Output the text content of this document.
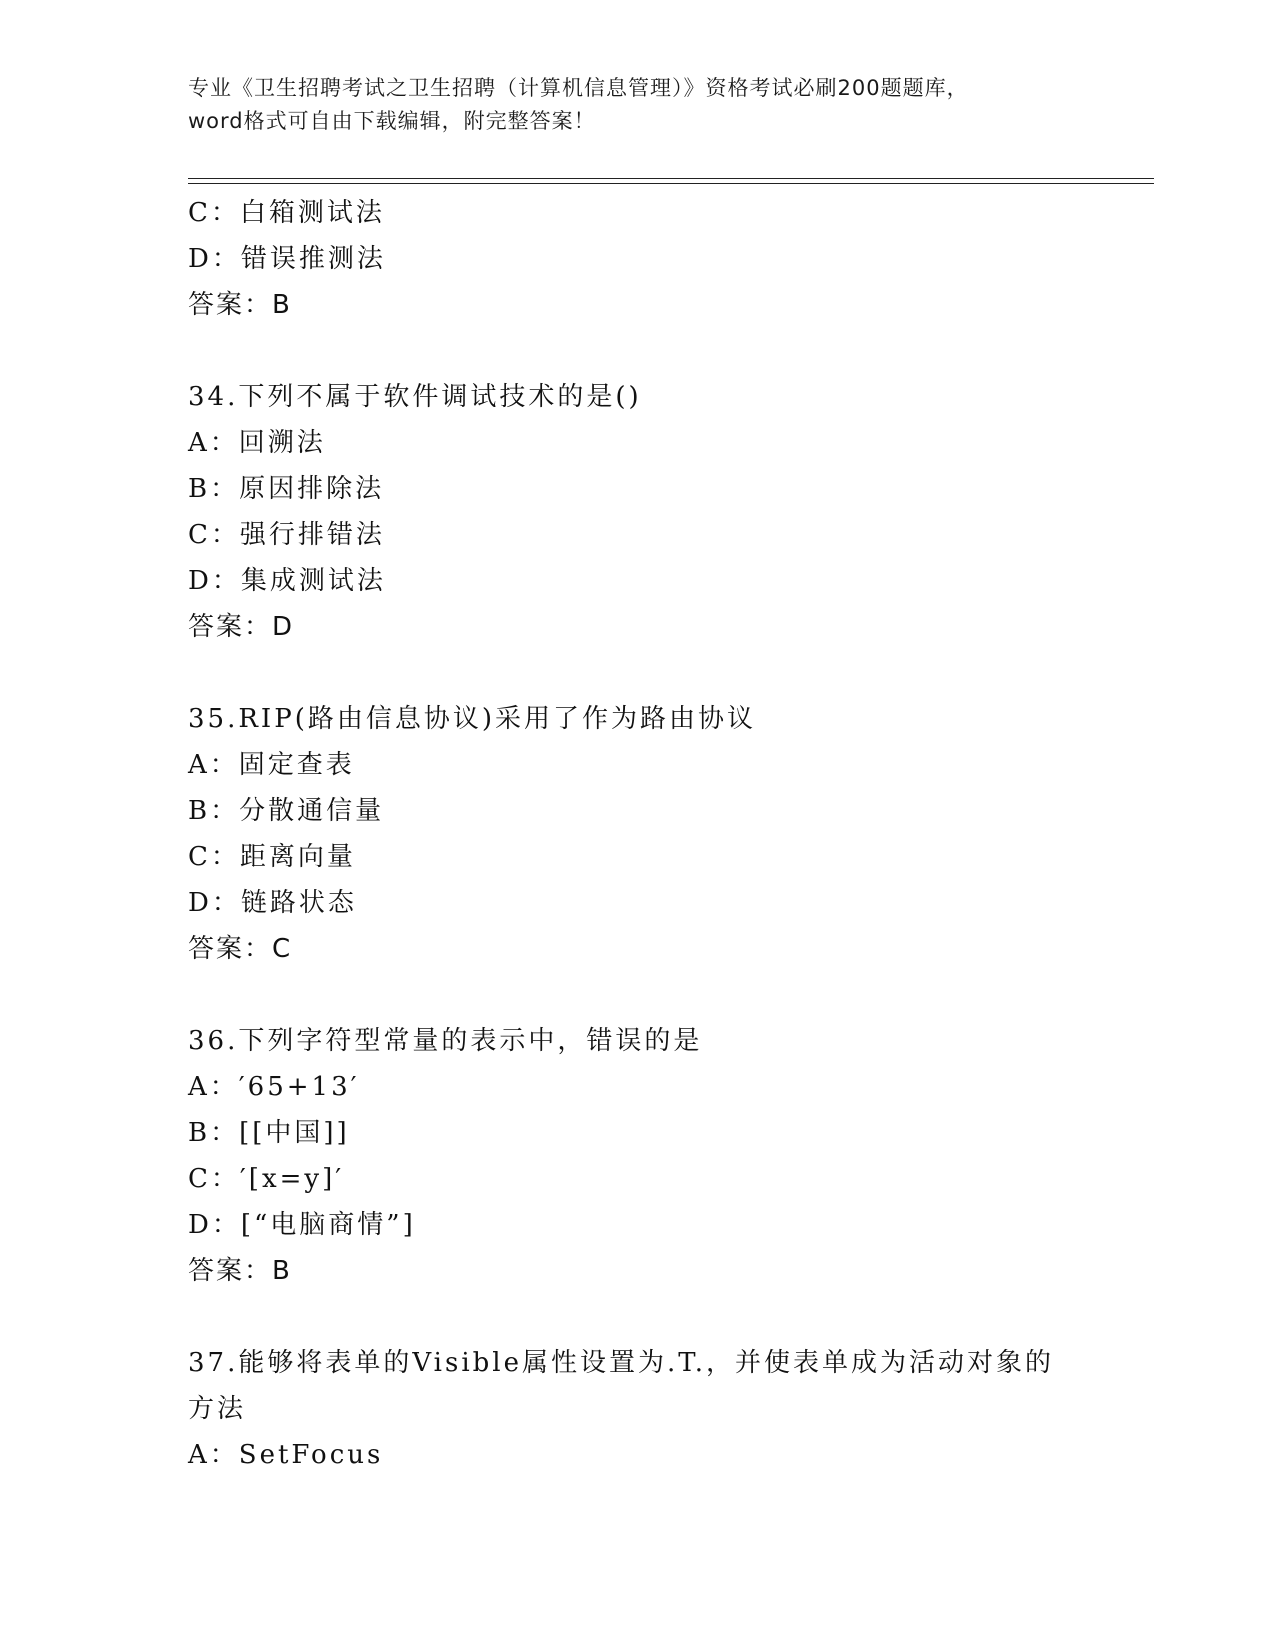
专业《卫生招聘考试之卫生招聘（计算机信息管理）》资格考试必刷200题题库，
word格式可自由下载编辑，附完整答案！
C：白箱测试法
D：错误推测法
答案：B
34.下列不属于软件调试技术的是()
A：回溯法
B：原因排除法
C：强行排错法
D：集成测试法
答案：D
35.RIP(路由信息协议)采用了作为路由协议
A：固定查表
B：分散通信量
C：距离向量
D：链路状态
答案：C
36.下列字符型常量的表示中，错误的是
A：′65+13′
B：[[中国]]
C：′[x=y]′
D：[“电脑商情”]
答案：B
37.能够将表单的Visible属性设置为.T.，并使表单成为活动对象的
方法
A：SetFocus
